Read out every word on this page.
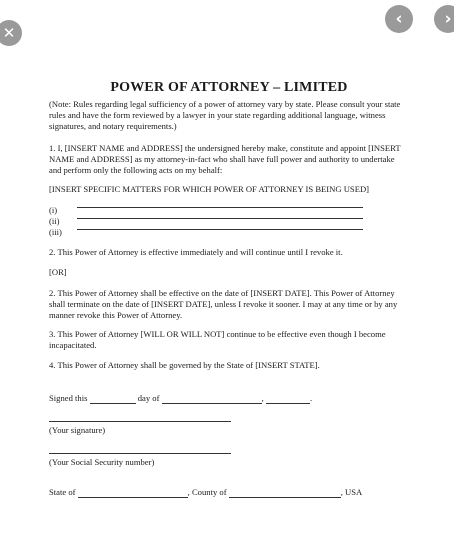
‹ ›
✕
POWER OF ATTORNEY – LIMITED
(Note: Rules regarding legal sufficiency of a power of attorney vary by state. Please consult your state rules and have the form reviewed by a lawyer in your state regarding additional language, witness signatures, and notary requirements.)
1. I, [INSERT NAME and ADDRESS] the undersigned hereby make, constitute and appoint [INSERT NAME and ADDRESS] as my attorney-in-fact who shall have full power and authority to undertake and perform only the following acts on my behalf:
[INSERT SPECIFIC MATTERS FOR WHICH POWER OF ATTORNEY IS BEING USED]
(i)
(ii)
(iii)
2. This Power of Attorney is effective immediately and will continue until I revoke it.
[OR]
2. This Power of Attorney shall be effective on the date of [INSERT DATE]. This Power of Attorney shall terminate on the date of [INSERT DATE], unless I revoke it sooner. I may at any time or by any manner revoke this Power of Attorney.
3. This Power of Attorney [WILL OR WILL NOT] continue to be effective even though I become incapacitated.
4. This Power of Attorney shall be governed by the State of [INSERT STATE].
Signed this	day of	,	.
(Your signature)
(Your Social Security number)
State of	, County of	, USA
